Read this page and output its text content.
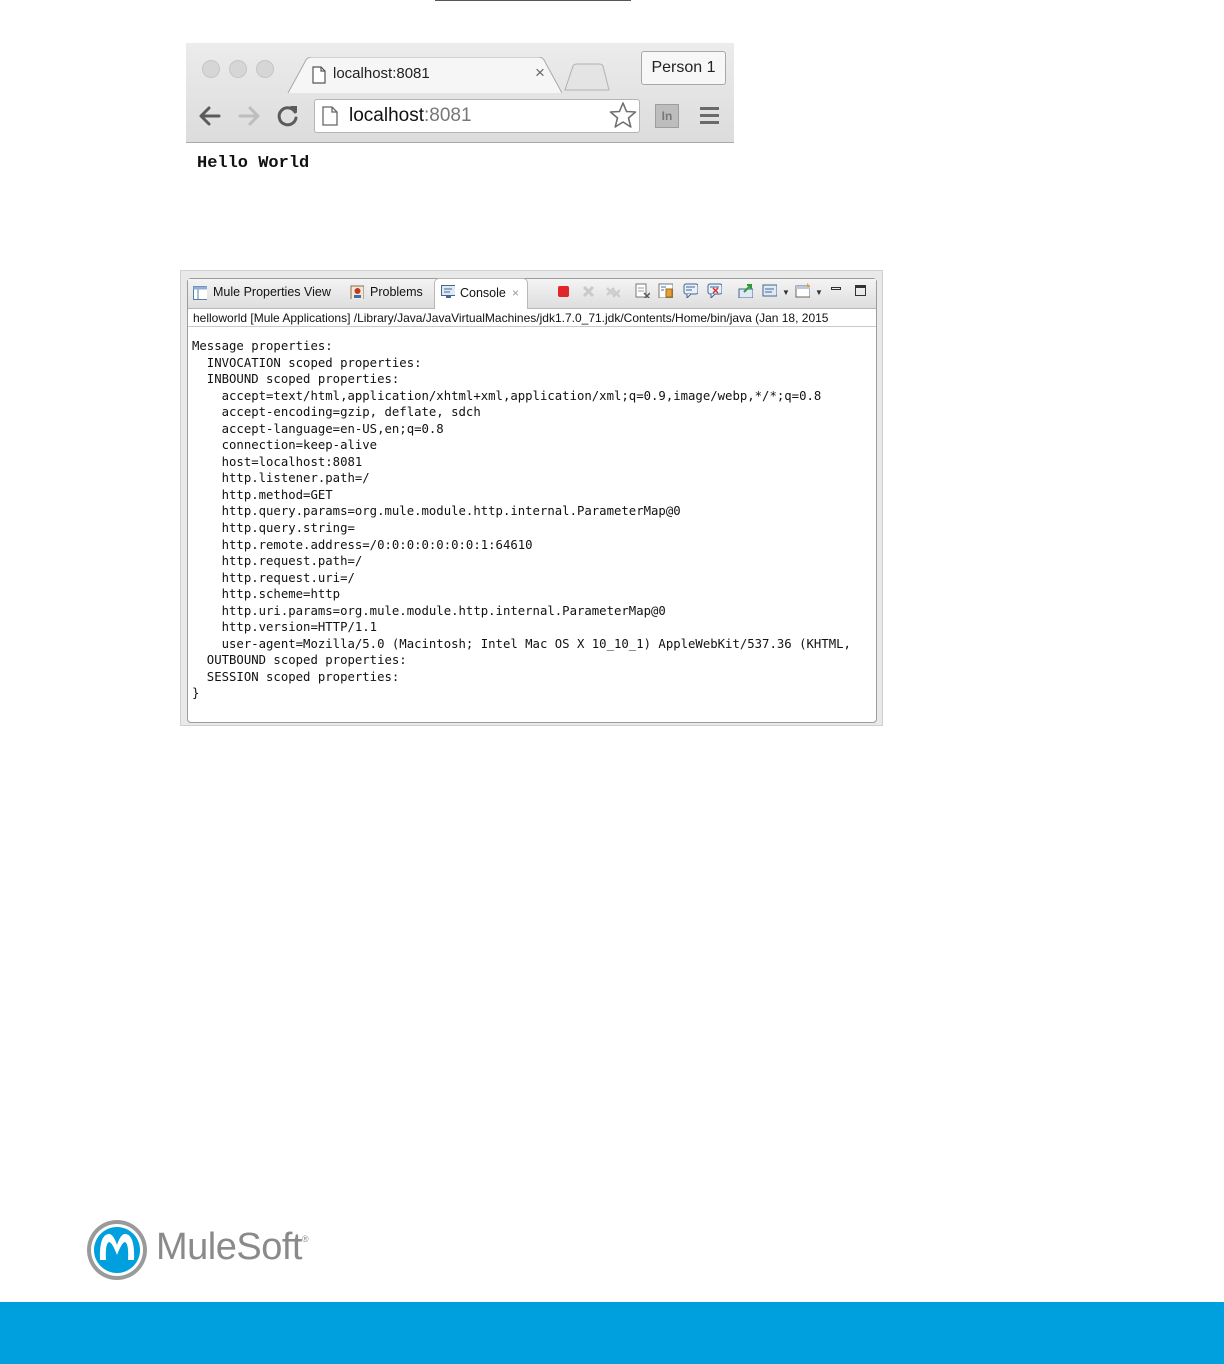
localhost:8081	×	Person 1
localhost:8081	In
Hello World
Mule Properties View	Problems	Console ×	▼	▼
helloworld [Mule Applications] /Library/Java/JavaVirtualMachines/jdk1.7.0_71.jdk/Contents/Home/bin/java (Jan 18, 2015
Message properties:
INVOCATION scoped properties:
INBOUND scoped properties:
accept=text/html,application/xhtml+xml,application/xml;q=0.9,image/webp,*/*;q=0.8
accept-encoding=gzip, deflate, sdch
accept-language=en-US,en;q=0.8
connection=keep-alive
host=localhost:8081
http.listener.path=/
http.method=GET
http.query.params=org.mule.module.http.internal.ParameterMap@0
http.query.string=
http.remote.address=/0:0:0:0:0:0:0:1:64610
http.request.path=/
http.request.uri=/
http.scheme=http
http.uri.params=org.mule.module.http.internal.ParameterMap@0
http.version=HTTP/1.1
user-agent=Mozilla/5.0 (Macintosh; Intel Mac OS X 10_10_1) AppleWebKit/537.36 (KHTML,
OUTBOUND scoped properties:
SESSION scoped properties:
}
MuleSoft®
